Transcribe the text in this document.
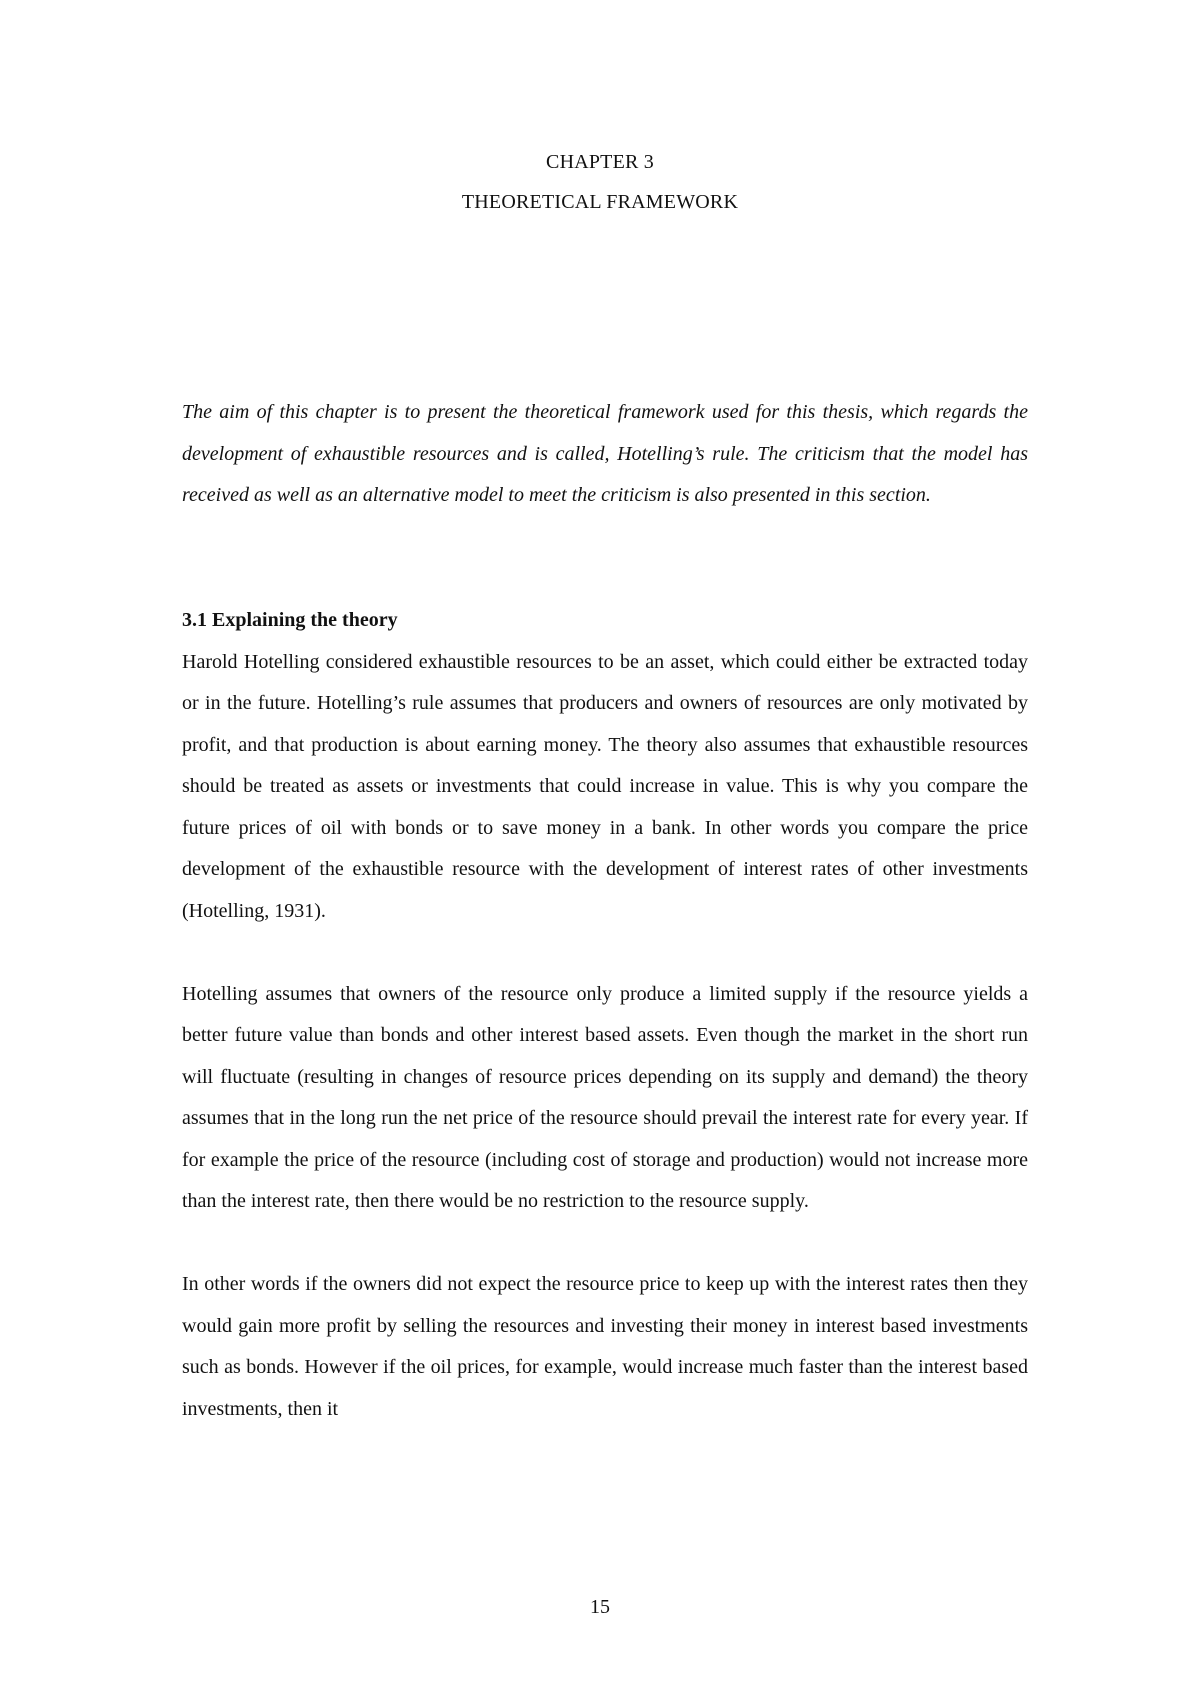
CHAPTER 3
THEORETICAL FRAMEWORK

The aim of this chapter is to present the theoretical framework used for this thesis, which regards the development of exhaustible resources and is called, Hotelling’s rule. The criticism that the model has received as well as an alternative model to meet the criticism is also presented in this section.

3.1 Explaining the theory

Harold Hotelling considered exhaustible resources to be an asset, which could either be extracted today or in the future. Hotelling’s rule assumes that producers and owners of resources are only motivated by profit, and that production is about earning money. The theory also assumes that exhaustible resources should be treated as assets or investments that could increase in value. This is why you compare the future prices of oil with bonds or to save money in a bank. In other words you compare the price development of the exhaustible resource with the development of interest rates of other investments (Hotelling, 1931).

Hotelling assumes that owners of the resource only produce a limited supply if the resource yields a better future value than bonds and other interest based assets. Even though the market in the short run will fluctuate (resulting in changes of resource prices depending on its supply and demand) the theory assumes that in the long run the net price of the resource should prevail the interest rate for every year. If for example the price of the resource (including cost of storage and production) would not increase more than the interest rate, then there would be no restriction to the resource supply.

In other words if the owners did not expect the resource price to keep up with the interest rates then they would gain more profit by selling the resources and investing their money in interest based investments such as bonds. However if the oil prices, for example, would increase much faster than the interest based investments, then it

15
